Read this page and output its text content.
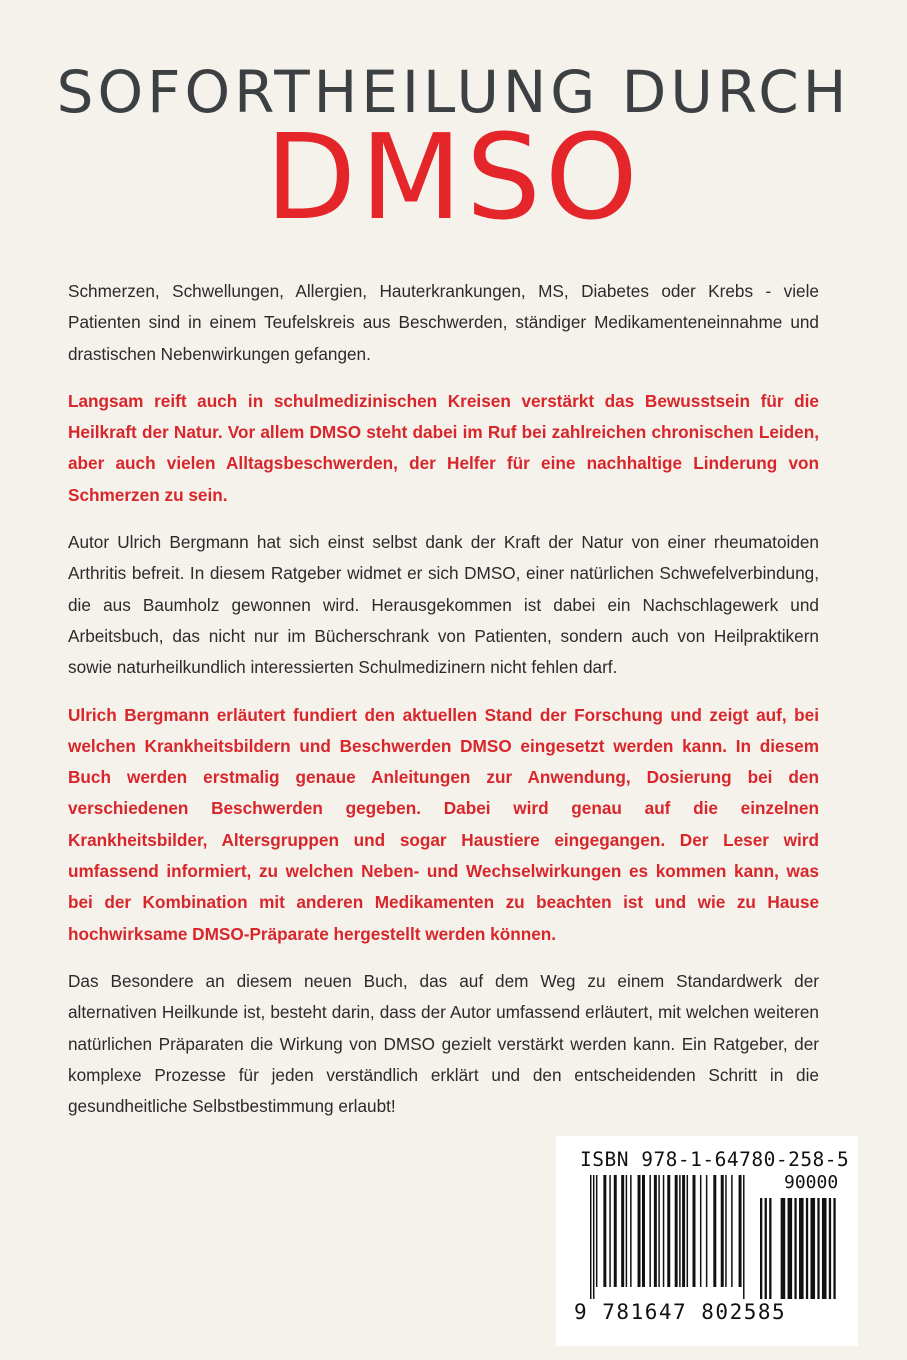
SOFORTHEILUNG DURCH
DMSO

Schmerzen, Schwellungen, Allergien, Hauterkrankungen, MS, Diabetes oder Krebs - viele Patienten sind in einem Teufelskreis aus Beschwerden, ständiger Medikamenteneinnahme und drastischen Nebenwirkungen gefangen.

Langsam reift auch in schulmedizinischen Kreisen verstärkt das Bewusstsein für die Heilkraft der Natur. Vor allem DMSO steht dabei im Ruf bei zahlreichen chronischen Leiden, aber auch vielen Alltagsbeschwerden, der Helfer für eine nachhaltige Linderung von Schmerzen zu sein.

Autor Ulrich Bergmann hat sich einst selbst dank der Kraft der Natur von einer rheumatoiden Arthritis befreit. In diesem Ratgeber widmet er sich DMSO, einer natürlichen Schwefelverbindung, die aus Baumholz gewonnen wird. Herausgekommen ist dabei ein Nachschlagewerk und Arbeitsbuch, das nicht nur im Bücherschrank von Patienten, sondern auch von Heilpraktikern sowie naturheilkundlich interessierten Schulmedizinern nicht fehlen darf.

Ulrich Bergmann erläutert fundiert den aktuellen Stand der Forschung und zeigt auf, bei welchen Krankheitsbildern und Beschwerden DMSO eingesetzt werden kann. In diesem Buch werden erstmalig genaue Anleitungen zur Anwendung, Dosierung bei den verschiedenen Beschwerden gegeben. Dabei wird genau auf die einzelnen Krankheitsbilder, Altersgruppen und sogar Haustiere eingegangen. Der Leser wird umfassend informiert, zu welchen Neben- und Wechselwirkungen es kommen kann, was bei der Kombination mit anderen Medikamenten zu beachten ist und wie zu Hause hochwirksame DMSO-Präparate hergestellt werden können.

Das Besondere an diesem neuen Buch, das auf dem Weg zu einem Standardwerk der alternativen Heilkunde ist, besteht darin, dass der Autor umfassend erläutert, mit welchen weiteren natürlichen Präparaten die Wirkung von DMSO gezielt verstärkt werden kann. Ein Ratgeber, der komplexe Prozesse für jeden verständlich erklärt und den entscheidenden Schritt in die gesundheitliche Selbstbestimmung erlaubt!

ISBN 978-1-64780-258-5
90000
9 781647 802585
